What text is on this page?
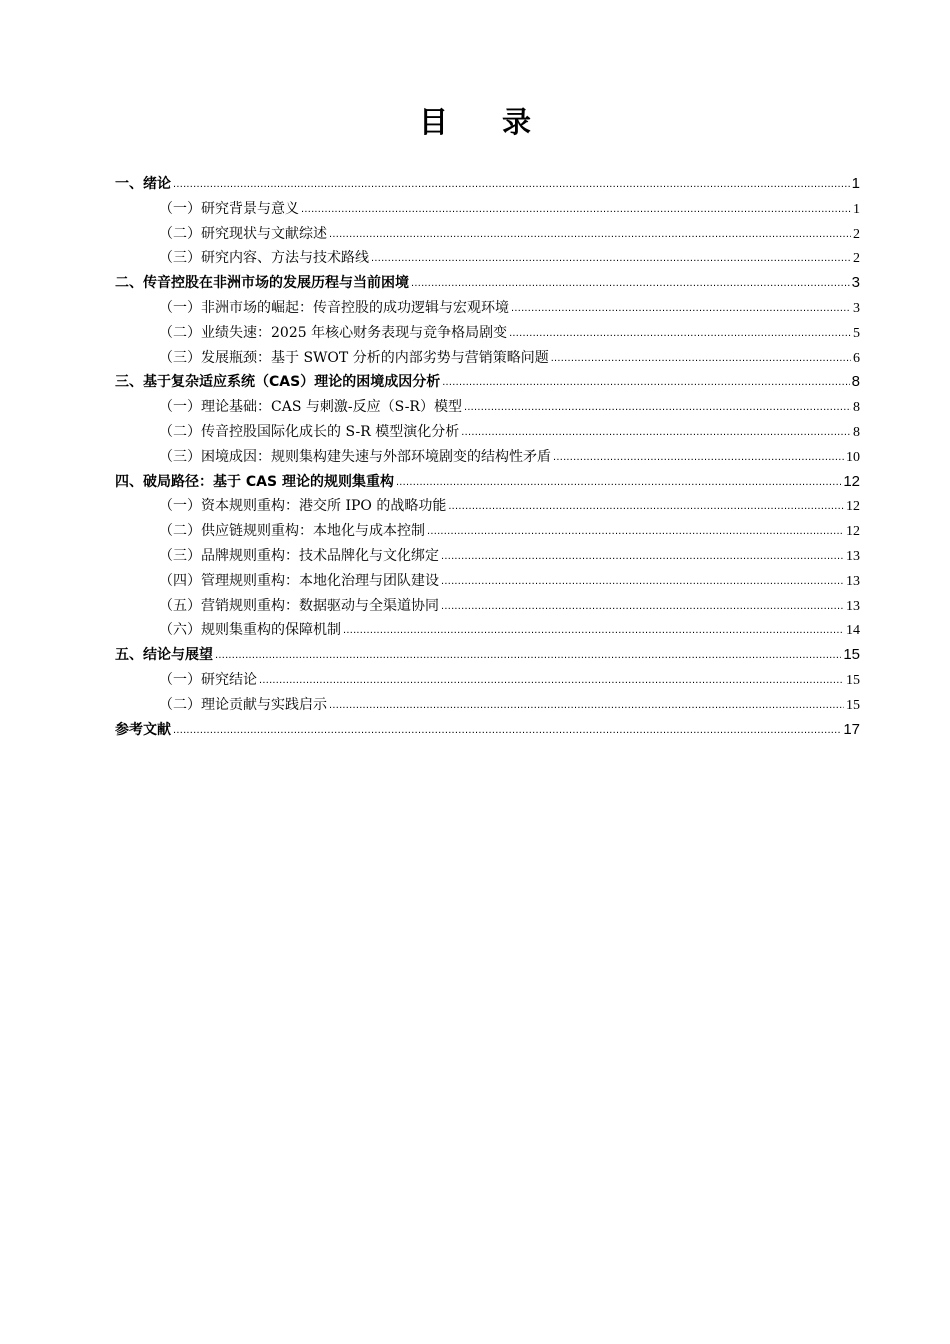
目 录
一、绪论 .....	1
（一） 研究背景与意义 .....	1
（二） 研究现状与文献综述 .....	2
（三） 研究内容、方法与技术路线 .....	2
二、传音控股在非洲市场的发展历程与当前困境 .....	3
（一） 非洲市场的崛起：传音控股的成功逻辑与宏观环境 .....	3
（二） 业绩失速：2025 年核心财务表现与竞争格局剧变 .....	5
（三） 发展瓶颈：基于 SWOT 分析的内部劣势与营销策略问题 .....	6
三、基于复杂适应系统（CAS）理论的困境成因分析 .....	8
（一） 理论基础：CAS 与刺激-反应（S-R）模型 .....	8
（二） 传音控股国际化成长的 S-R 模型演化分析 .....	8
（三） 困境成因：规则集构建失速与外部环境剧变的结构性矛盾 .....	10
四、破局路径：基于 CAS 理论的规则集重构 .....	12
（一） 资本规则重构：港交所 IPO 的战略功能 .....	12
（二） 供应链规则重构：本地化与成本控制 .....	12
（三） 品牌规则重构：技术品牌化与文化绑定 .....	13
（四） 管理规则重构：本地化治理与团队建设 .....	13
（五） 营销规则重构：数据驱动与全渠道协同 .....	13
（六） 规则集重构的保障机制 .....	14
五、结论与展望 .....	15
（一） 研究结论 .....	15
（二） 理论贡献与实践启示 .....	15
参考文献 .....	17
